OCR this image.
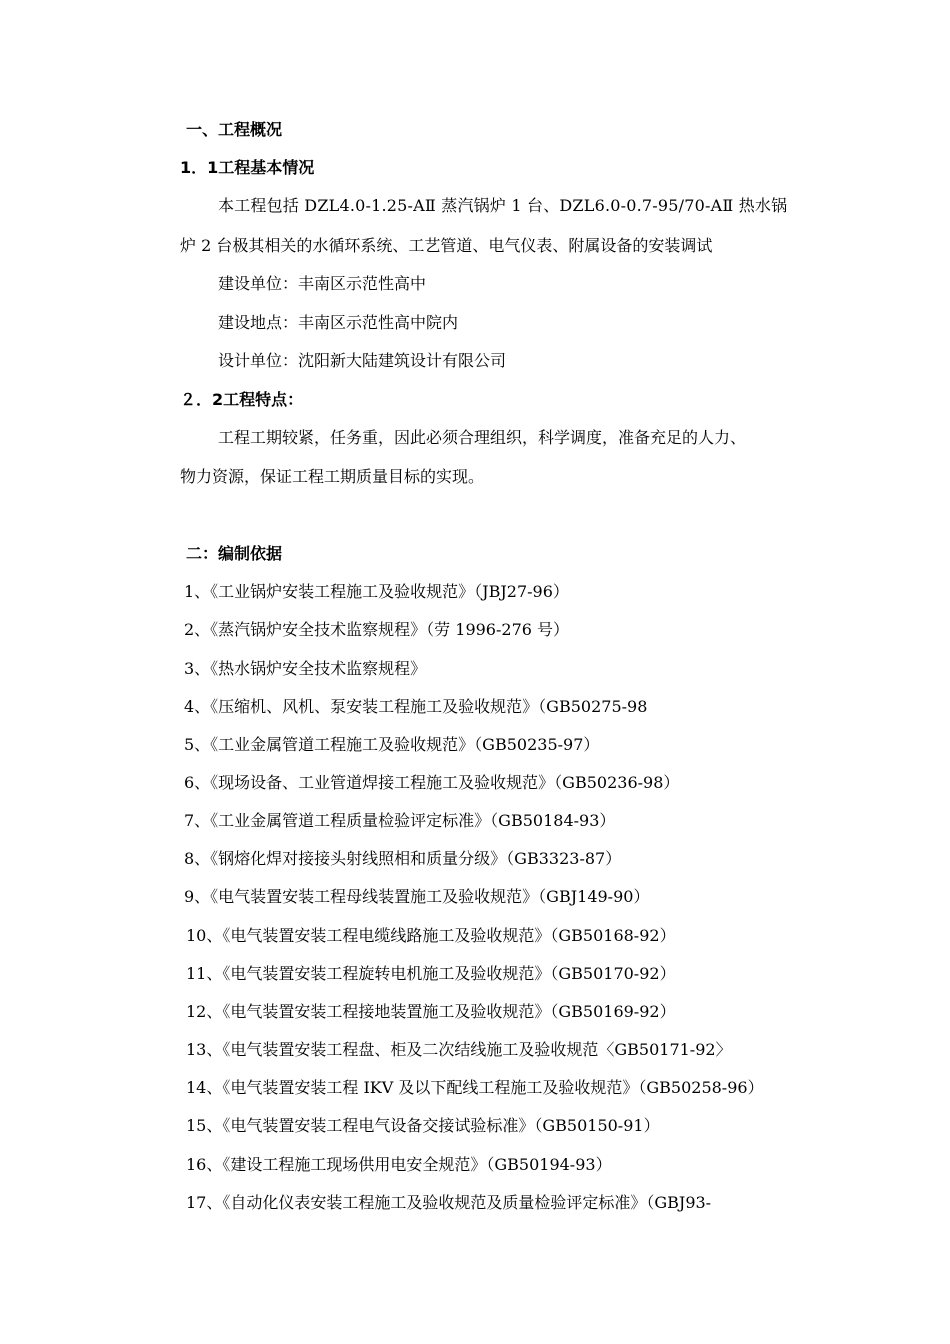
一、工程概况
1．1工程基本情况
本工程包括 DZL4.0-1.25-AⅡ 蒸汽锅炉 1 台、DZL6.0-0.7-95/70-AⅡ 热水锅
炉 2 台极其相关的水循环系统、工艺管道、电气仪表、附属设备的安装调试
建设单位：丰南区示范性高中
建设地点：丰南区示范性高中院内
设计单位：沈阳新大陆建筑设计有限公司
２．2工程特点：
工程工期较紧，任务重，因此必须合理组织，科学调度，准备充足的人力、
物力资源，保证工程工期质量目标的实现。
二：编制依据
1、《工业锅炉安装工程施工及验收规范》（JBJ27-96）
2、《蒸汽锅炉安全技术监察规程》（劳 1996-276 号）
3、《热水锅炉安全技术监察规程》
4、《压缩机、风机、泵安装工程施工及验收规范》（GB50275-98
5、《工业金属管道工程施工及验收规范》（GB50235-97）
6、《现场设备、工业管道焊接工程施工及验收规范》（GB50236-98）
7、《工业金属管道工程质量检验评定标准》（GB50184-93）
8、《钢熔化焊对接接头射线照相和质量分级》（GB3323-87）
9、《电气装置安装工程母线装置施工及验收规范》（GBJ149-90）
10、《电气装置安装工程电缆线路施工及验收规范》（GB50168-92）
11、《电气装置安装工程旋转电机施工及验收规范》（GB50170-92）
12、《电气装置安装工程接地装置施工及验收规范》（GB50169-92）
13、《电气装置安装工程盘、柜及二次结线施工及验收规范〈GB50171-92〉
14、《电气装置安装工程 IKV 及以下配线工程施工及验收规范》（GB50258-96）
15、《电气装置安装工程电气设备交接试验标准》（GB50150-91）
16、《建设工程施工现场供用电安全规范》（GB50194-93）
17、《自动化仪表安装工程施工及验收规范及质量检验评定标准》（GBJ93-
